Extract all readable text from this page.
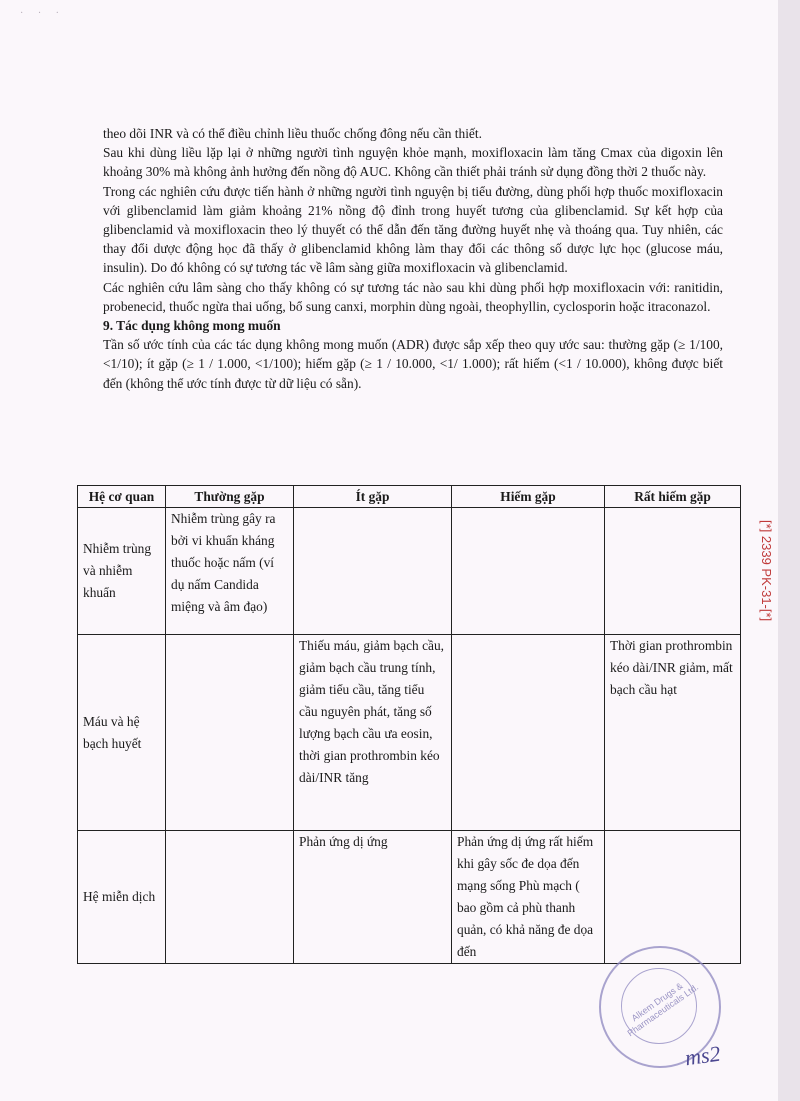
· · ·

theo dõi INR và có thể điều chỉnh liều thuốc chống đông nếu cần thiết.

Sau khi dùng liều lặp lại ở những người tình nguyện khỏe mạnh, moxifloxacin làm tăng Cmax của digoxin lên khoảng 30% mà không ảnh hưởng đến nồng độ AUC. Không cần thiết phải tránh sử dụng đồng thời 2 thuốc này.

Trong các nghiên cứu được tiến hành ở những người tình nguyện bị tiểu đường, dùng phối hợp thuốc moxifloxacin với glibenclamid làm giảm khoảng 21% nồng độ đỉnh trong huyết tương của glibenclamid. Sự kết hợp của glibenclamid và moxifloxacin theo lý thuyết có thể dẫn đến tăng đường huyết nhẹ và thoáng qua. Tuy nhiên, các thay đổi dược động học đã thấy ở glibenclamid không làm thay đổi các thông số dược lực học (glucose máu, insulin). Do đó không có sự tương tác về lâm sàng giữa moxifloxacin và glibenclamid.

Các nghiên cứu lâm sàng cho thấy không có sự tương tác nào sau khi dùng phối hợp moxifloxacin với: ranitidin, probenecid, thuốc ngừa thai uống, bổ sung canxi, morphin dùng ngoài, theophyllin, cyclosporin hoặc itraconazol.

9. Tác dụng không mong muốn

Tần số ước tính của các tác dụng không mong muốn (ADR) được sắp xếp theo quy ước sau: thường gặp (≥ 1/100, <1/10); ít gặp (≥ 1 / 1.000, <1/100); hiếm gặp (≥ 1 / 10.000, <1/ 1.000); rất hiếm (<1 / 10.000), không được biết đến (không thể ước tính được từ dữ liệu có sẵn).

Hệ cơ quan	Thường gặp	Ít gặp	Hiếm gặp	Rất hiếm gặp
Nhiễm trùng và nhiễm khuẩn	Nhiễm trùng gây ra bởi vi khuẩn kháng thuốc hoặc nấm (ví dụ nấm Candida miệng và âm đạo)			
Máu và hệ bạch huyết		Thiếu máu, giảm bạch cầu, giảm bạch cầu trung tính, giảm tiểu cầu, tăng tiểu cầu nguyên phát, tăng số lượng bạch cầu ưa eosin, thời gian prothrombin kéo dài/INR tăng		Thời gian prothrombin kéo dài/INR giảm, mất bạch cầu hạt
Hệ miễn dịch		Phản ứng dị ứng	Phản ứng dị ứng rất hiếm khi gây sốc đe dọa đến mạng sống Phù mạch ( bao gồm cả phù thanh quản, có khả năng đe dọa đến	
[*] 2339 PK-31-[*]
Alkem Drugs & Pharmaceuticals Ltd.
ms2
